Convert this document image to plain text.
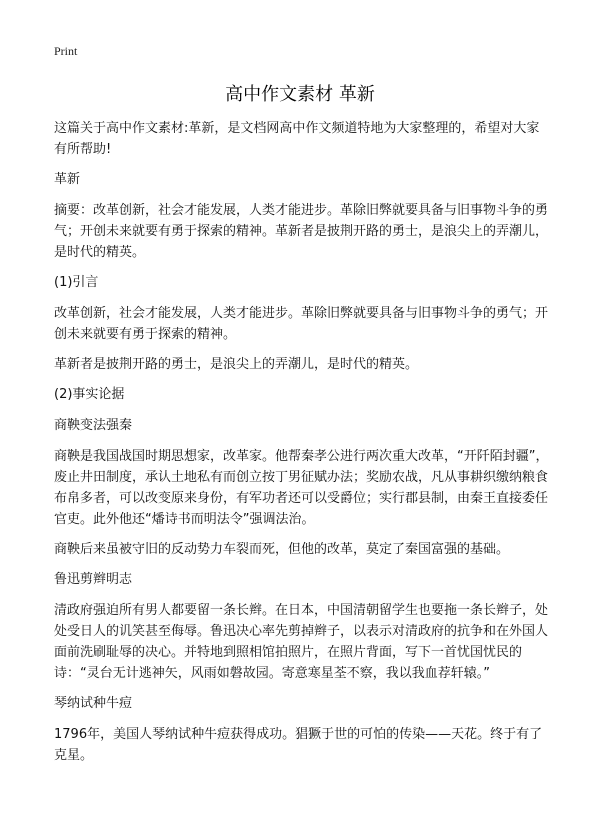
Print
高中作文素材 革新

这篇关于高中作文素材:革新，是文档网高中作文频道特地为大家整理的，希望对大家有所帮助!

革新

摘要：改革创新，社会才能发展，人类才能进步。革除旧弊就要具备与旧事物斗争的勇气；开创未来就要有勇于探索的精神。革新者是披荆开路的勇士，是浪尖上的弄潮儿，是时代的精英。

(1)引言

改革创新，社会才能发展，人类才能进步。革除旧弊就要具备与旧事物斗争的勇气；开创未来就要有勇于探索的精神。

革新者是披荆开路的勇士，是浪尖上的弄潮儿，是时代的精英。

(2)事实论据

商鞅变法强秦

商鞅是我国战国时期思想家，改革家。他帮秦孝公进行两次重大改革，“开阡陌封疆”，废止井田制度，承认土地私有而创立按丁男征赋办法；奖励农战，凡从事耕织缴纳粮食布帛多者，可以改变原来身份，有军功者还可以受爵位；实行郡县制，由秦王直接委任官吏。此外他还“燔诗书而明法令”强调法治。

商鞅后来虽被守旧的反动势力车裂而死，但他的改革，莫定了秦国富强的基础。

鲁迅剪辫明志

清政府强迫所有男人都要留一条长辫。在日本，中国清朝留学生也要拖一条长辫子，处处受日人的讥笑甚至侮辱。鲁迅决心率先剪掉辫子，以表示对清政府的抗争和在外国人面前洗刷耻辱的决心。并特地到照相馆拍照片，在照片背面，写下一首忧国忧民的诗：“灵台无计逃神矢，风雨如磐故园。寄意寒星荃不察，我以我血荐轩辕。”

琴纳试种牛痘

1796年，美国人琴纳试种牛痘获得成功。猖獗于世的可怕的传染——天花。终于有了克星。
